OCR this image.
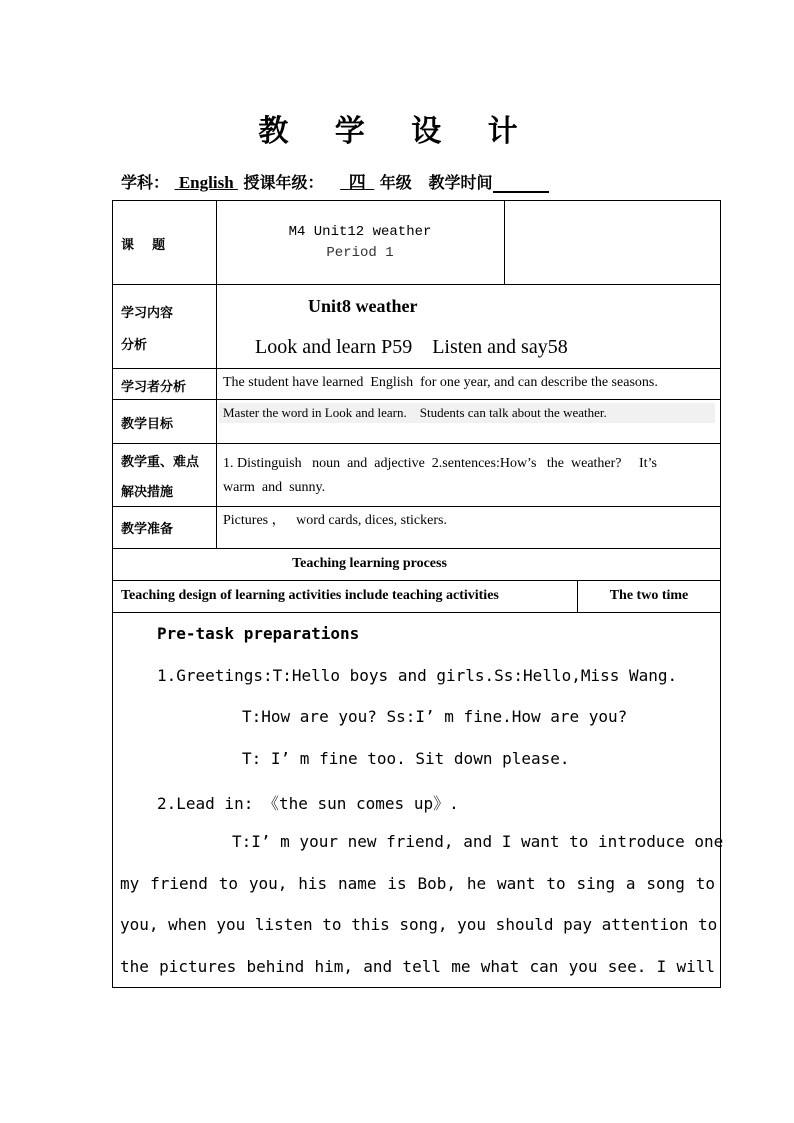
教 学 设 计
学科： English 授课年级： 四 年级 教学时间
课    题
M4 Unit12 weather
Period 1
学习内容
分析
Unit8 weather
Look and learn P59    Listen and say58
学习者分析	The student have learned  English  for one year, and can describe the seasons.
教学目标
Master the word in Look and learn.    Students can talk about the weather.
教学重、难点
解决措施
1. Distinguish   noun  and  adjective  2.sentences:How’s   the  weather?     It’s
warm  and  sunny.
教学准备
Pictures ，   word cards, dices, stickers.
Teaching learning process
Teaching design of learning activities include teaching activities	The two time
Pre-task preparations
1.Greetings:T:Hello boys and girls.Ss:Hello,Miss Wang.
T:How are you? Ss:I’ m fine.How are you?
T: I’ m fine too. Sit down please.
2.Lead in: 《the sun comes up》.
T:I’ m your new friend, and I want to introduce one
my friend to you, his name is Bob, he want to sing a song to
you, when you listen to this song, you should pay attention to
the pictures behind him, and tell me what can you see. I will
